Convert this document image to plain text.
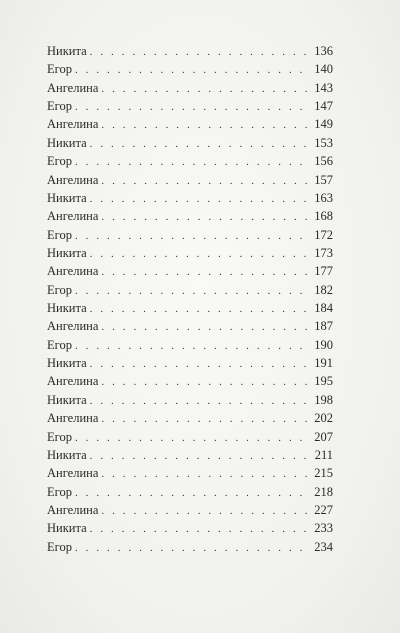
Никита . . .	136
Егор . . .	140
Ангелина . . .	143
Егор . . .	147
Ангелина . . .	149
Никита . . .	153
Егор . . .	156
Ангелина . . .	157
Никита . . .	163
Ангелина . . .	168
Егор . . .	172
Никита . . .	173
Ангелина . . .	177
Егор . . .	182
Никита . . .	184
Ангелина . . .	187
Егор . . .	190
Никита . . .	191
Ангелина . . .	195
Никита . . .	198
Ангелина . . .	202
Егор . . .	207
Никита . . .	211
Ангелина . . .	215
Егор . . .	218
Ангелина . . .	227
Никита . . .	233
Егор . . .	234
